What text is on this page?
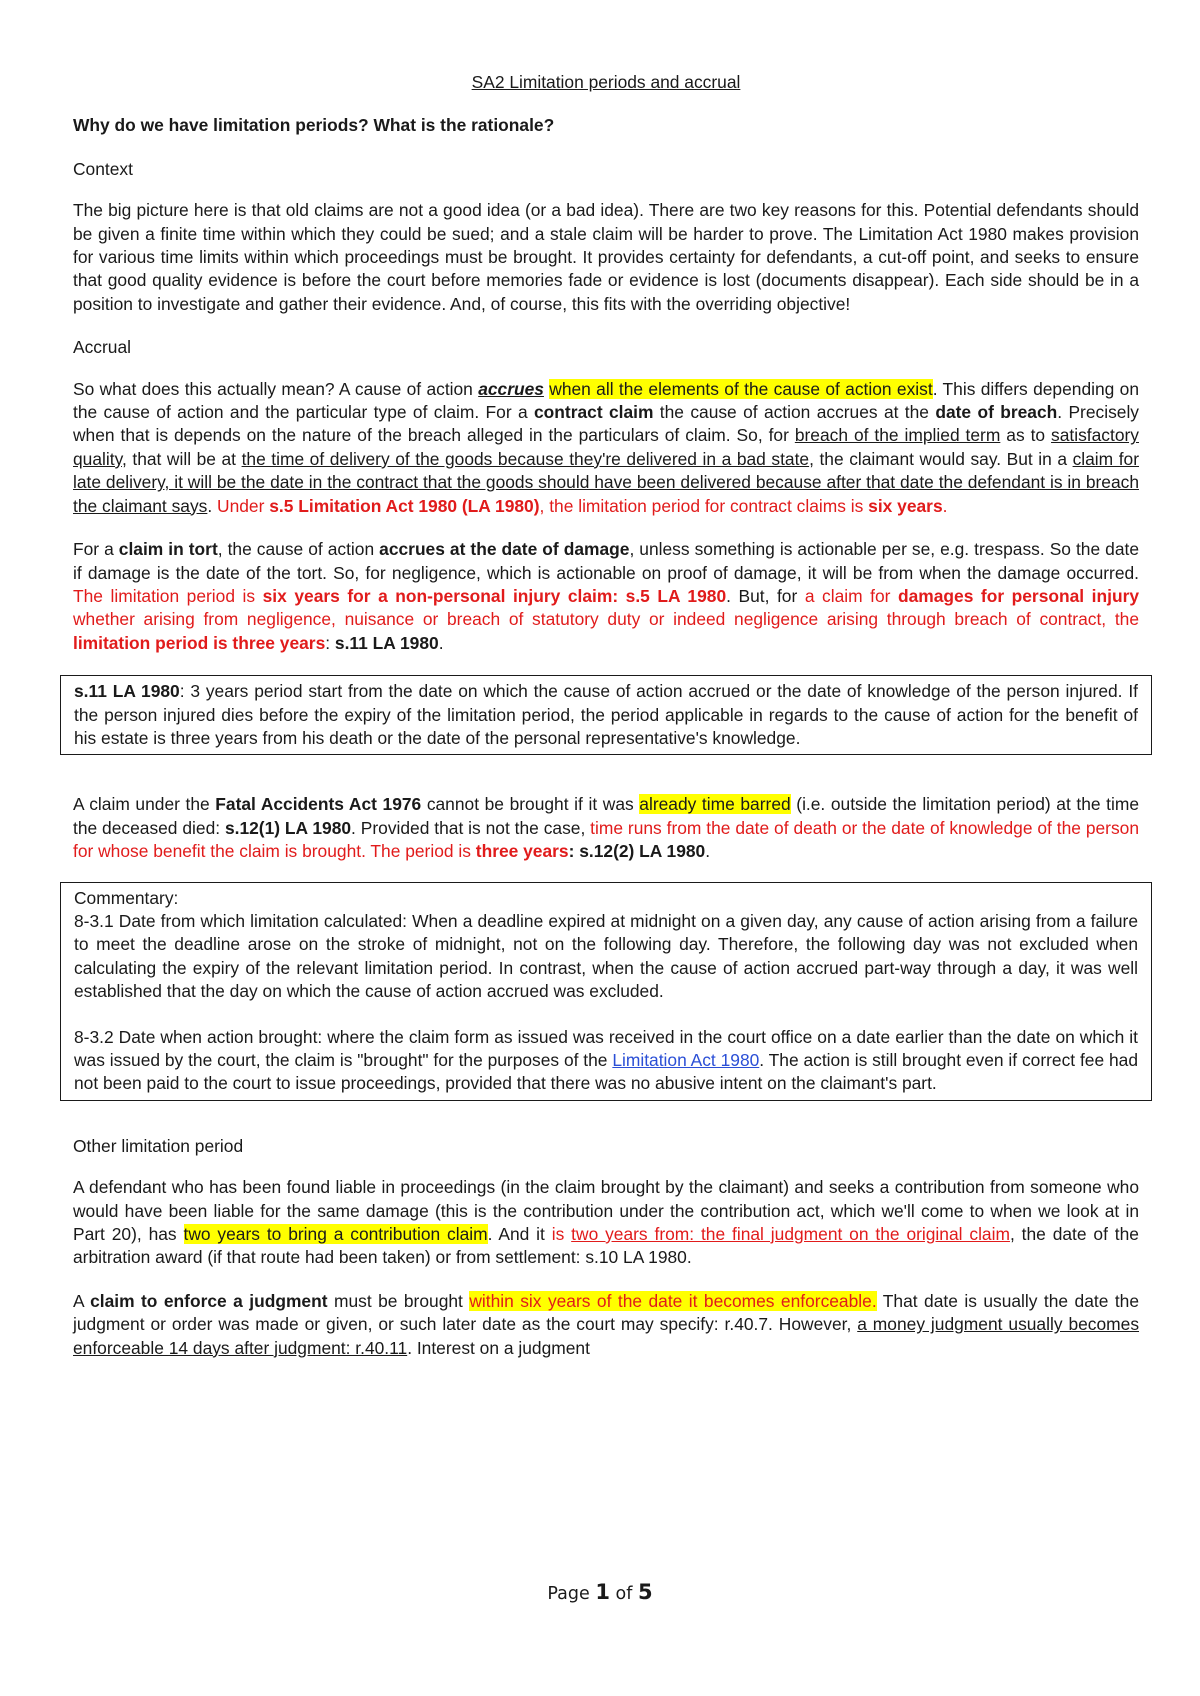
SA2 Limitation periods and accrual

Why do we have limitation periods? What is the rationale?

Context

The big picture here is that old claims are not a good idea (or a bad idea). There are two key reasons for this. Potential defendants should be given a finite time within which they could be sued; and a stale claim will be harder to prove. The Limitation Act 1980 makes provision for various time limits within which proceedings must be brought. It provides certainty for defendants, a cut-off point, and seeks to ensure that good quality evidence is before the court before memories fade or evidence is lost (documents disappear). Each side should be in a position to investigate and gather their evidence. And, of course, this fits with the overriding objective!

Accrual

So what does this actually mean? A cause of action accrues when all the elements of the cause of action exist. This differs depending on the cause of action and the particular type of claim. For a contract claim the cause of action accrues at the date of breach. Precisely when that is depends on the nature of the breach alleged in the particulars of claim. So, for breach of the implied term as to satisfactory quality, that will be at the time of delivery of the goods because they're delivered in a bad state, the claimant would say. But in a claim for late delivery, it will be the date in the contract that the goods should have been delivered because after that date the defendant is in breach the claimant says. Under s.5 Limitation Act 1980 (LA 1980), the limitation period for contract claims is six years.

For a claim in tort, the cause of action accrues at the date of damage, unless something is actionable per se, e.g. trespass. So the date if damage is the date of the tort. So, for negligence, which is actionable on proof of damage, it will be from when the damage occurred. The limitation period is six years for a non-personal injury claim: s.5 LA 1980. But, for a claim for damages for personal injury whether arising from negligence, nuisance or breach of statutory duty or indeed negligence arising through breach of contract, the limitation period is three years: s.11 LA 1980.

s.11 LA 1980: 3 years period start from the date on which the cause of action accrued or the date of knowledge of the person injured. If the person injured dies before the expiry of the limitation period, the period applicable in regards to the cause of action for the benefit of his estate is three years from his death or the date of the personal representative's knowledge.

A claim under the Fatal Accidents Act 1976 cannot be brought if it was already time barred (i.e. outside the limitation period) at the time the deceased died: s.12(1) LA 1980. Provided that is not the case, time runs from the date of death or the date of knowledge of the person for whose benefit the claim is brought. The period is three years: s.12(2) LA 1980.

Commentary:

8-3.1 Date from which limitation calculated: When a deadline expired at midnight on a given day, any cause of action arising from a failure to meet the deadline arose on the stroke of midnight, not on the following day. Therefore, the following day was not excluded when calculating the expiry of the relevant limitation period. In contrast, when the cause of action accrued part-way through a day, it was well established that the day on which the cause of action accrued was excluded.

8-3.2 Date when action brought: where the claim form as issued was received in the court office on a date earlier than the date on which it was issued by the court, the claim is "brought" for the purposes of the Limitation Act 1980. The action is still brought even if correct fee had not been paid to the court to issue proceedings, provided that there was no abusive intent on the claimant's part.

Other limitation period

A defendant who has been found liable in proceedings (in the claim brought by the claimant) and seeks a contribution from someone who would have been liable for the same damage (this is the contribution under the contribution act, which we'll come to when we look at in Part 20), has two years to bring a contribution claim. And it is two years from: the final judgment on the original claim, the date of the arbitration award (if that route had been taken) or from settlement: s.10 LA 1980.

A claim to enforce a judgment must be brought within six years of the date it becomes enforceable. That date is usually the date the judgment or order was made or given, or such later date as the court may specify: r.40.7. However, a money judgment usually becomes enforceable 14 days after judgment: r.40.11. Interest on a judgment

Page 1 of 5
